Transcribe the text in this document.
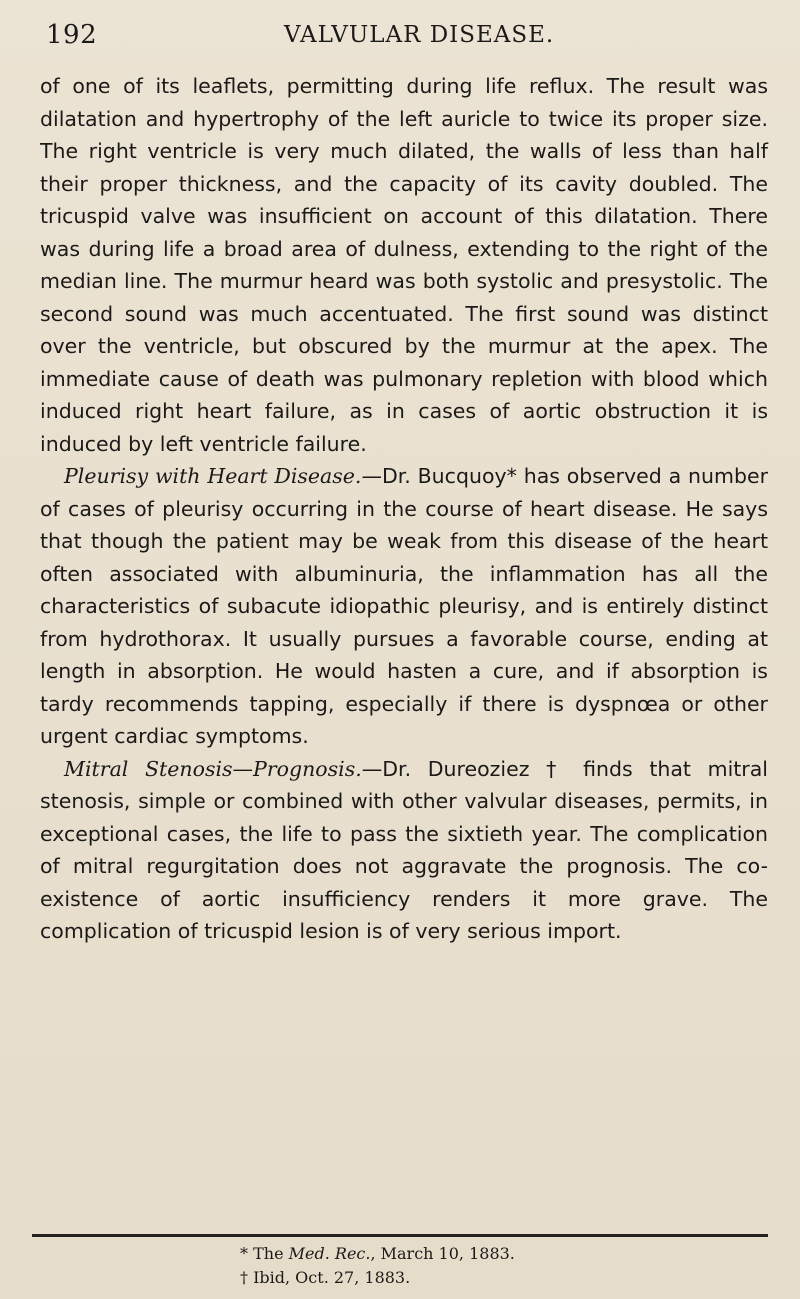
192	VALVULAR DISEASE.

of one of its leaflets, permitting during life reflux. The result was dilatation and hypertrophy of the left auricle to twice its proper size. The right ventricle is very much dilated, the walls of less than half their proper thickness, and the capacity of its cavity doubled. The tricuspid valve was insufficient on account of this dilatation. There was during life a broad area of dulness, extending to the right of the median line. The murmur heard was both systolic and presystolic. The second sound was much accentuated. The first sound was distinct over the ventricle, but obscured by the murmur at the apex. The immediate cause of death was pulmonary repletion with blood which induced right heart failure, as in cases of aortic obstruction it is induced by left ventricle failure.

Pleurisy with Heart Disease.—Dr. Bucquoy* has observed a number of cases of pleurisy occurring in the course of heart disease. He says that though the patient may be weak from this disease of the heart often associated with albuminuria, the inflammation has all the characteristics of subacute idiopathic pleurisy, and is entirely distinct from hydrothorax. It usually pursues a favorable course, ending at length in absorption. He would hasten a cure, and if absorption is tardy recommends tapping, especially if there is dyspnœa or other urgent cardiac symptoms.

Mitral Stenosis—Prognosis.—Dr. Dureoziez † finds that mitral stenosis, simple or combined with other valvular diseases, permits, in exceptional cases, the life to pass the sixtieth year. The complication of mitral regurgitation does not aggravate the prognosis. The co-existence of aortic insufficiency renders it more grave. The complication of tricuspid lesion is of very serious import.

* The Med. Rec., March 10, 1883.
† Ibid, Oct. 27, 1883.
